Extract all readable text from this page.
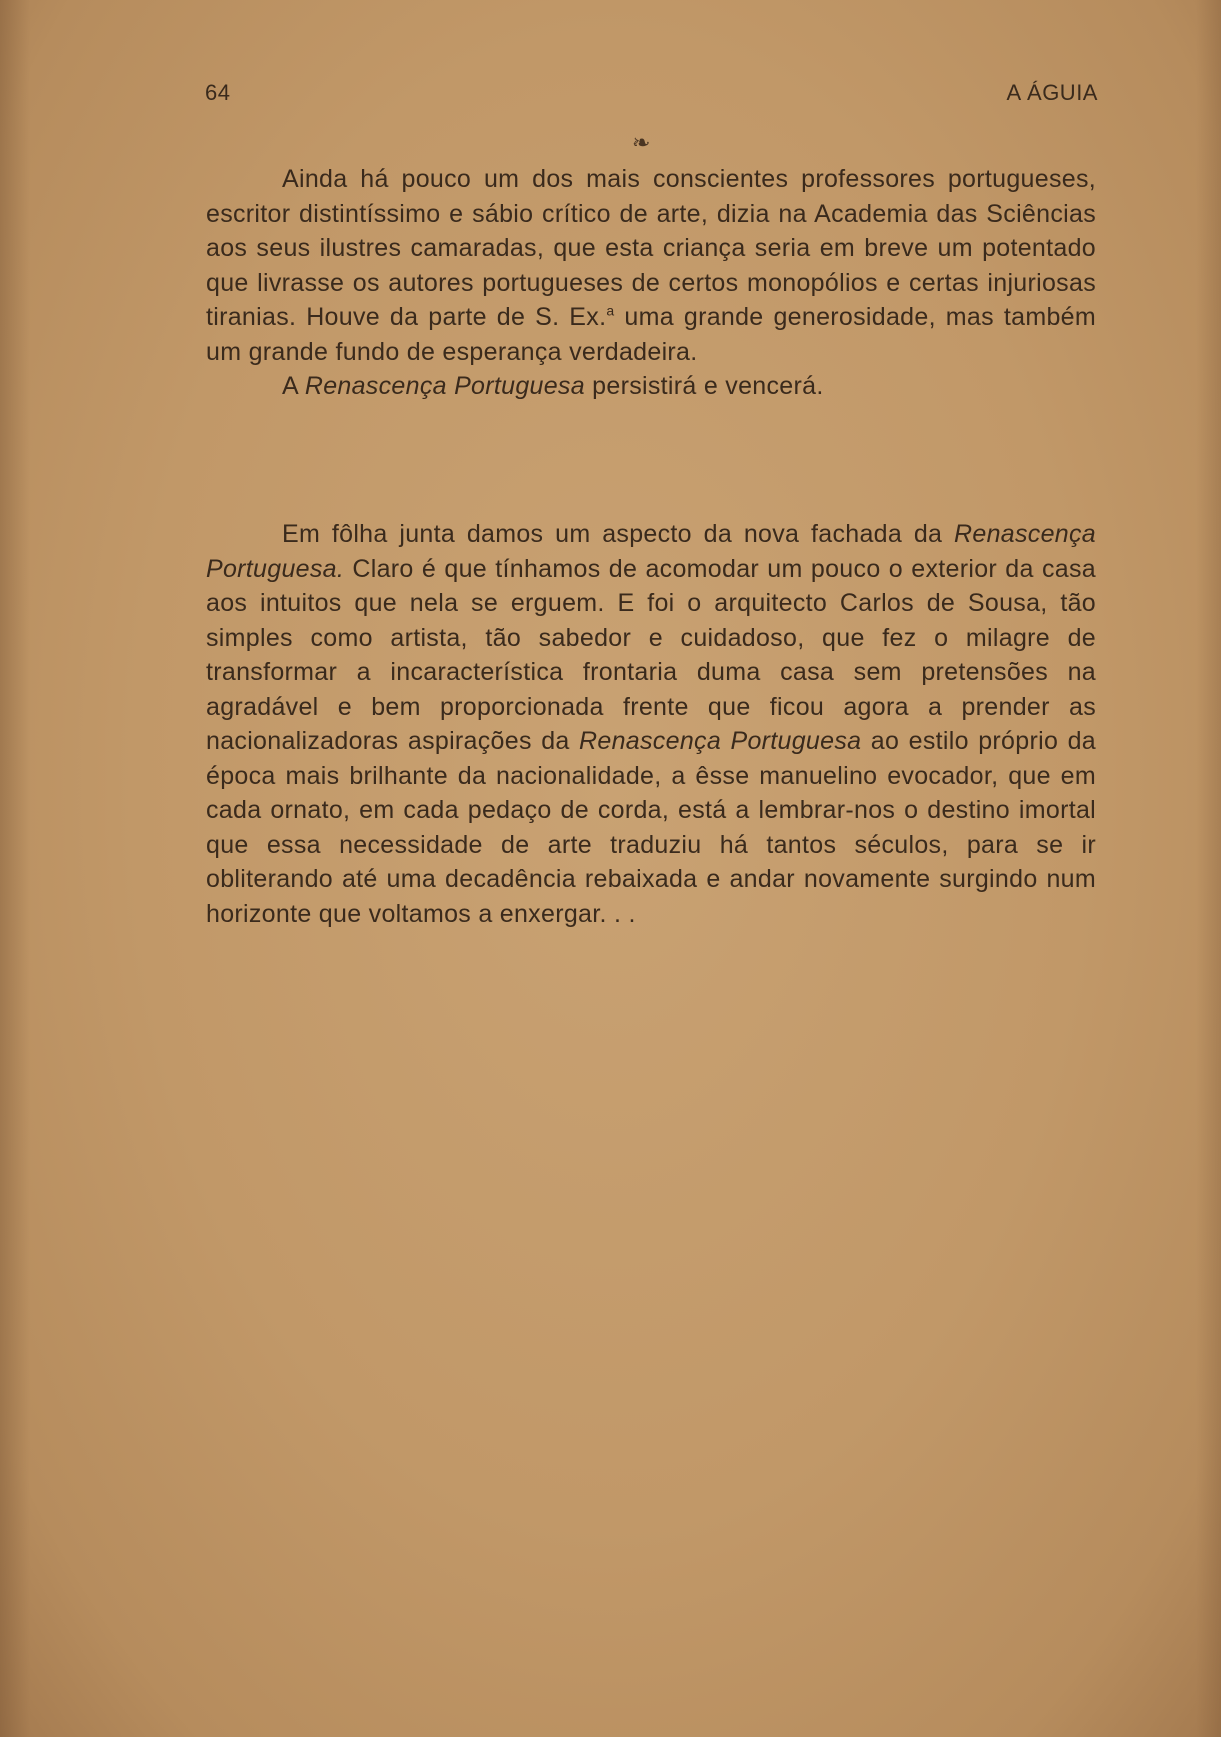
64	A ÁGUIA
❧

Ainda há pouco um dos mais conscientes professores portugueses, escritor distintíssimo e sábio crítico de arte, dizia na Academia das Sciências aos seus ilustres camaradas, que esta criança seria em breve um potentado que livrasse os autores portugueses de certos monopólios e certas injuriosas tiranias. Houve da parte de S. Ex.$^a$ uma grande generosidade, mas também um grande fundo de esperança verdadeira.

A Renascença Portuguesa persistirá e vencerá.

Em fôlha junta damos um aspecto da nova fachada da Renascença Portuguesa. Claro é que tínhamos de acomodar um pouco o exterior da casa aos intuitos que nela se erguem. E foi o arquitecto Carlos de Sousa, tão simples como artista, tão sabedor e cuidadoso, que fez o milagre de transformar a incaracterística frontaria duma casa sem pretensões na agradável e bem proporcionada frente que ficou agora a prender as nacionalizadoras aspirações da Renascença Portuguesa ao estilo próprio da época mais brilhante da nacionalidade, a êsse manuelino evocador, que em cada ornato, em cada pedaço de corda, está a lembrar-nos o destino imortal que essa necessidade de arte traduziu há tantos séculos, para se ir obliterando até uma decadência rebaixada e andar novamente surgindo num horizonte que voltamos a enxergar. . .
